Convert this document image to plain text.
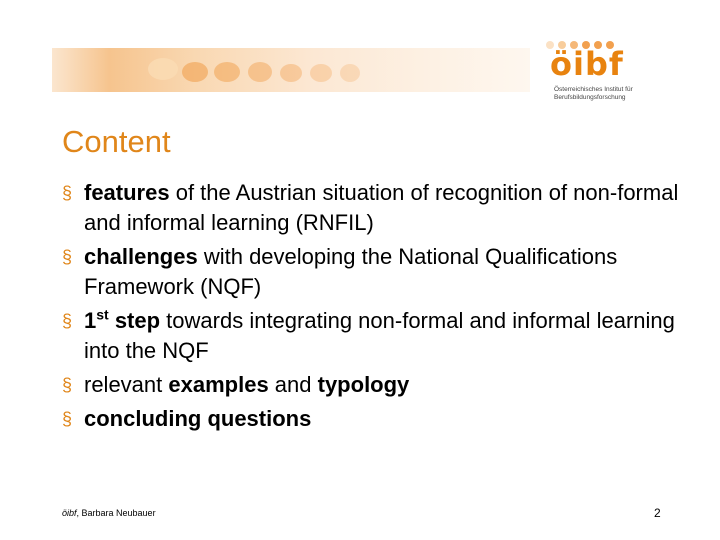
öibf
Österreichisches Institut für
Berufsbildungsforschung
Content
§ features of the Austrian situation of recognition of non-formal and informal learning (RNFIL)
§ challenges with developing the National Qualifications Framework (NQF)
§ 1st step towards integrating non-formal and informal learning into the NQF
§ relevant examples and typology
§ concluding questions
öibf, Barbara Neubauer	2
